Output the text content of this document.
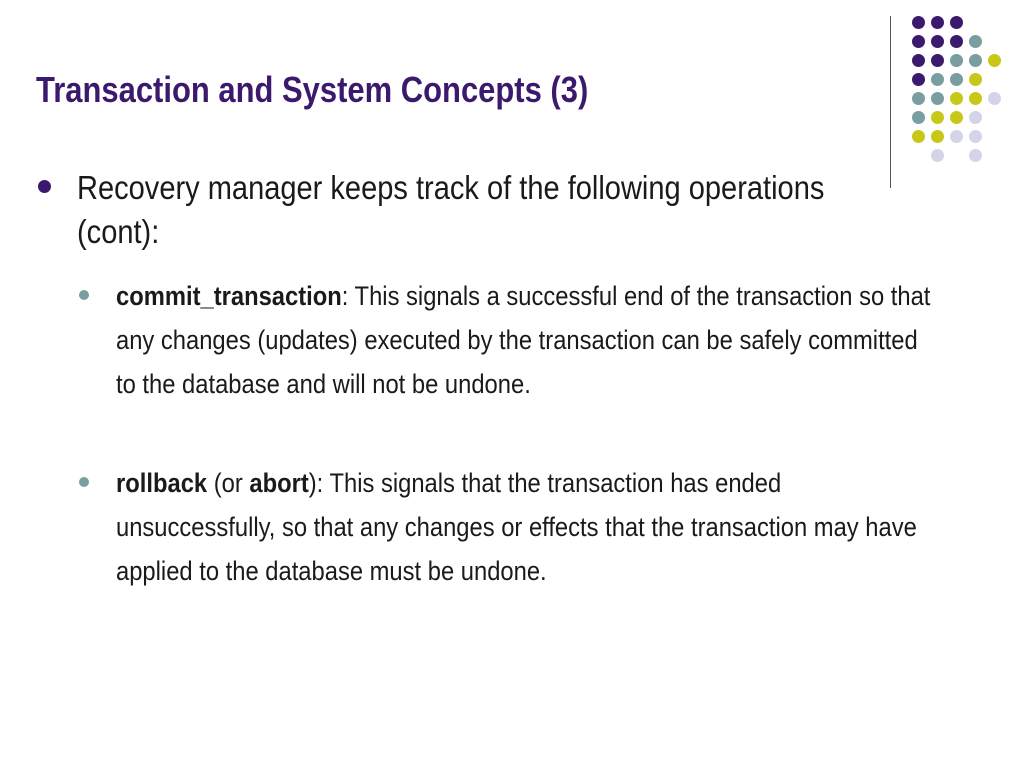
Transaction and System Concepts (3)
Recovery manager keeps track of the following operations (cont):
commit_transaction: This signals a successful end of the transaction so that any changes (updates) executed by the transaction can be safely committed to the database and will not be undone.
rollback (or abort): This signals that the transaction has ended unsuccessfully, so that any changes or effects that the transaction may have applied to the database must be undone.
